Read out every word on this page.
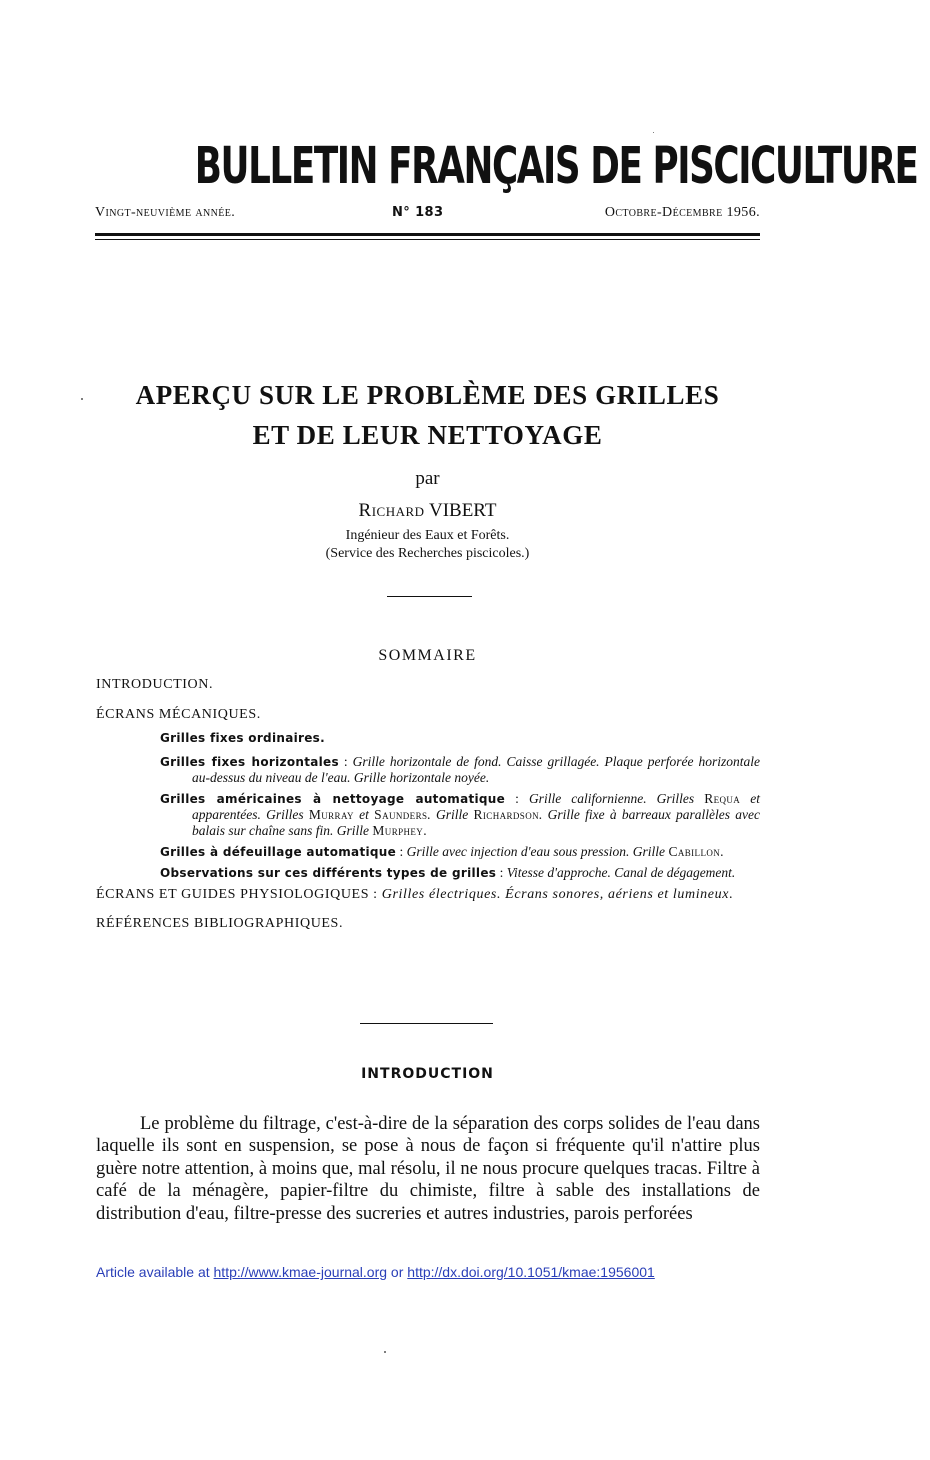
BULLETIN FRANÇAIS DE PISCICULTURE
Vingt-neuvième année.	N° 183	Octobre-Décembre 1956.
APERÇU SUR LE PROBLÈME DES GRILLES
ET DE LEUR NETTOYAGE
par
Richard VIBERT
Ingénieur des Eaux et Forêts.
(Service des Recherches piscicoles.)
SOMMAIRE

INTRODUCTION.

ÉCRANS MÉCANIQUES.

Grilles fixes ordinaires.

Grilles fixes horizontales : Grille horizontale de fond. Caisse grillagée. Plaque perforée horizontale au-dessus du niveau de l'eau. Grille horizontale noyée.

Grilles américaines à nettoyage automatique : Grille californienne. Grilles Requa et apparentées. Grilles Murray et Saunders. Grille Richardson. Grille fixe à barreaux parallèles avec balais sur chaîne sans fin. Grille Murphey.

Grilles à défeuillage automatique : Grille avec injection d'eau sous pression. Grille Cabillon.

Observations sur ces différents types de grilles : Vitesse d'approche. Canal de dégagement.

ÉCRANS ET GUIDES PHYSIOLOGIQUES : Grilles électriques. Écrans sonores, aériens et lumineux.

RÉFÉRENCES BIBLIOGRAPHIQUES.

INTRODUCTION

Le problème du filtrage, c'est-à-dire de la séparation des corps solides de l'eau dans laquelle ils sont en suspension, se pose à nous de façon si fréquente qu'il n'attire plus guère notre attention, à moins que, mal résolu, il ne nous procure quelques tracas. Filtre à café de la ménagère, papier-filtre du chimiste, filtre à sable des installations de distribution d'eau, filtre-presse des sucreries et autres industries, parois perforées

Article available at http://www.kmae-journal.org or http://dx.doi.org/10.1051/kmae:1956001
